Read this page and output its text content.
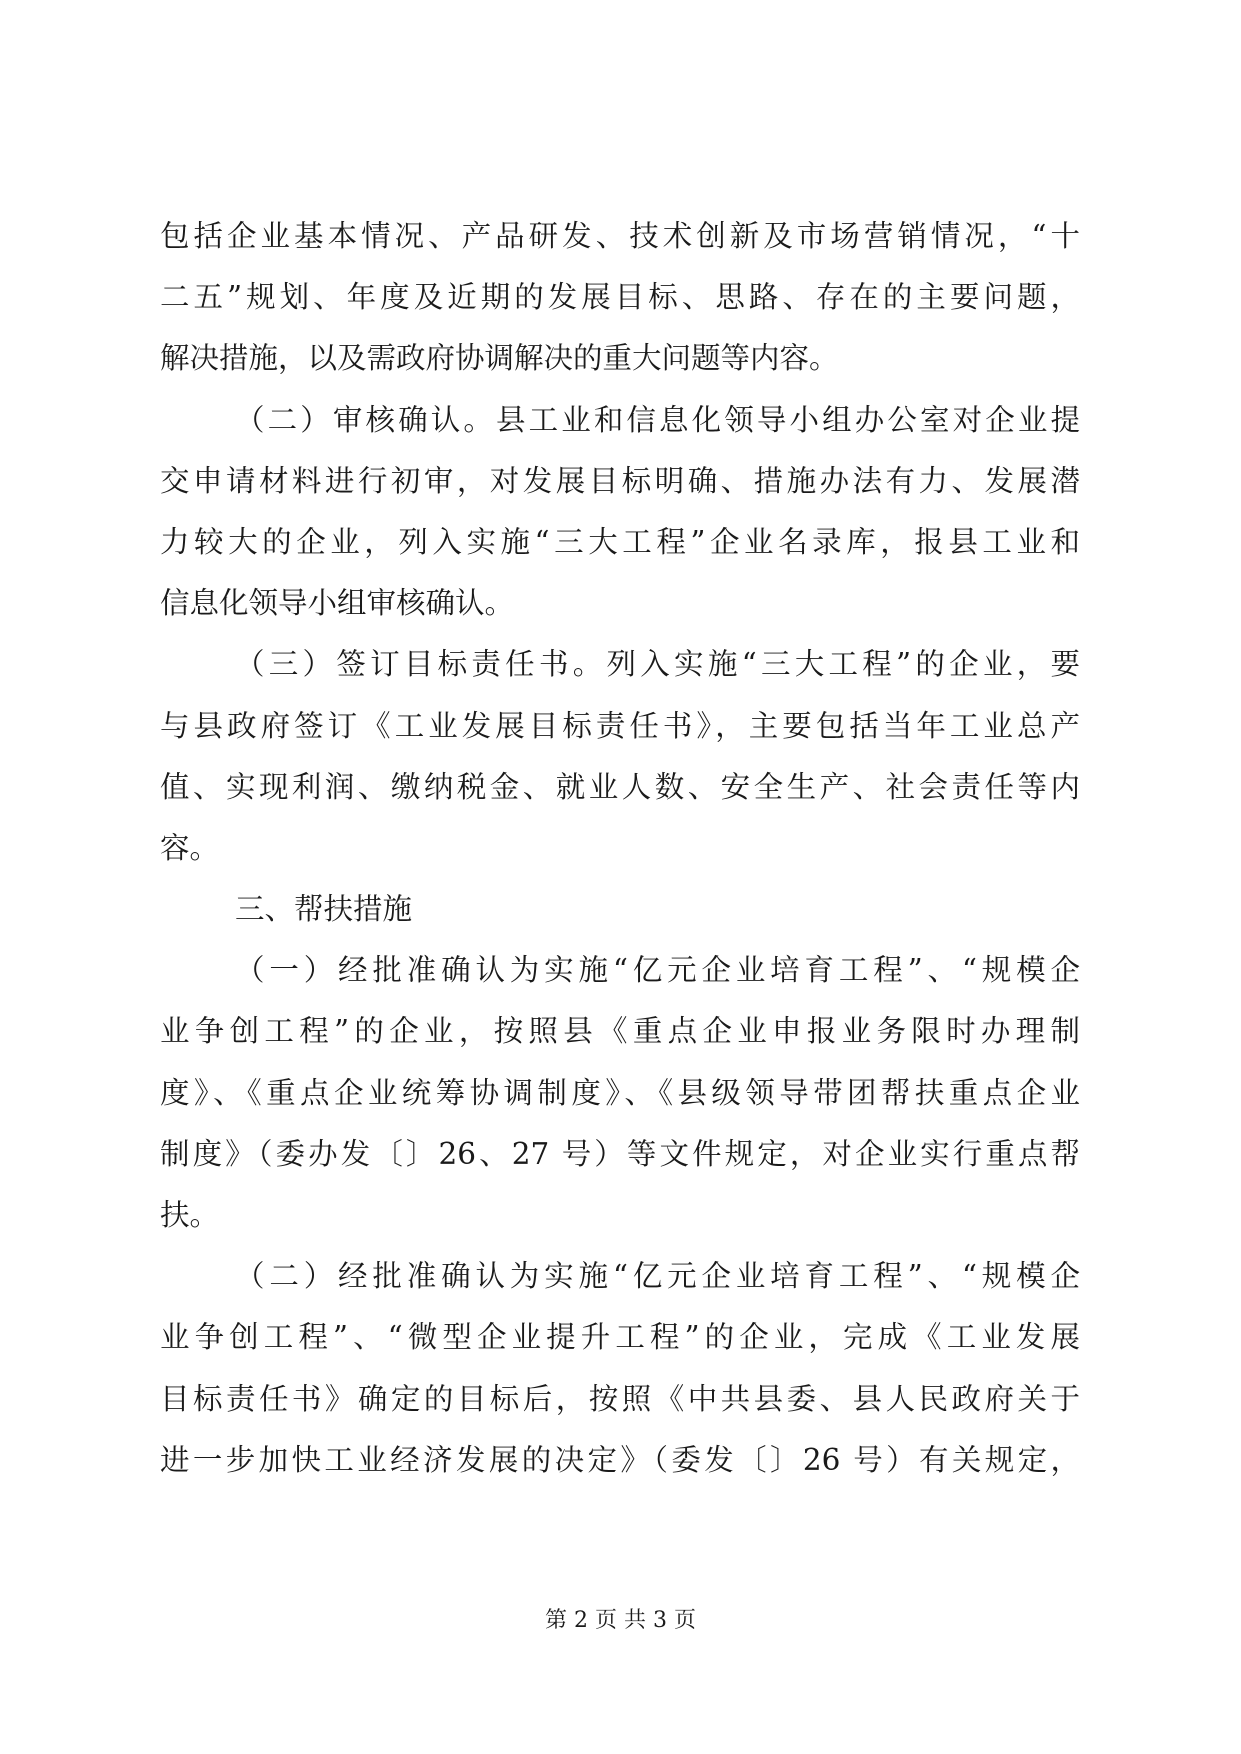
包括企业基本情况、产品研发、技术创新及市场营销情况，“十
二五”规划、年度及近期的发展目标、思路、存在的主要问题，
解决措施，以及需政府协调解决的重大问题等内容。
（二）审核确认。县工业和信息化领导小组办公室对企业提
交申请材料进行初审，对发展目标明确、措施办法有力、发展潜
力较大的企业，列入实施“三大工程”企业名录库，报县工业和
信息化领导小组审核确认。
（三）签订目标责任书。列入实施“三大工程”的企业，要
与县政府签订《工业发展目标责任书》，主要包括当年工业总产
值、实现利润、缴纳税金、就业人数、安全生产、社会责任等内
容。
三、帮扶措施
（一）经批准确认为实施“亿元企业培育工程”、“规模企
业争创工程”的企业，按照县《重点企业申报业务限时办理制
度》、《重点企业统筹协调制度》、《县级领导带团帮扶重点企业
制度》（委办发〔〕26、27 号）等文件规定，对企业实行重点帮
扶。
（二）经批准确认为实施“亿元企业培育工程”、“规模企
业争创工程”、“微型企业提升工程”的企业，完成《工业发展
目标责任书》确定的目标后，按照《中共县委、县人民政府关于
进一步加快工业经济发展的决定》（委发〔〕26 号）有关规定，
第 2 页 共 3 页
